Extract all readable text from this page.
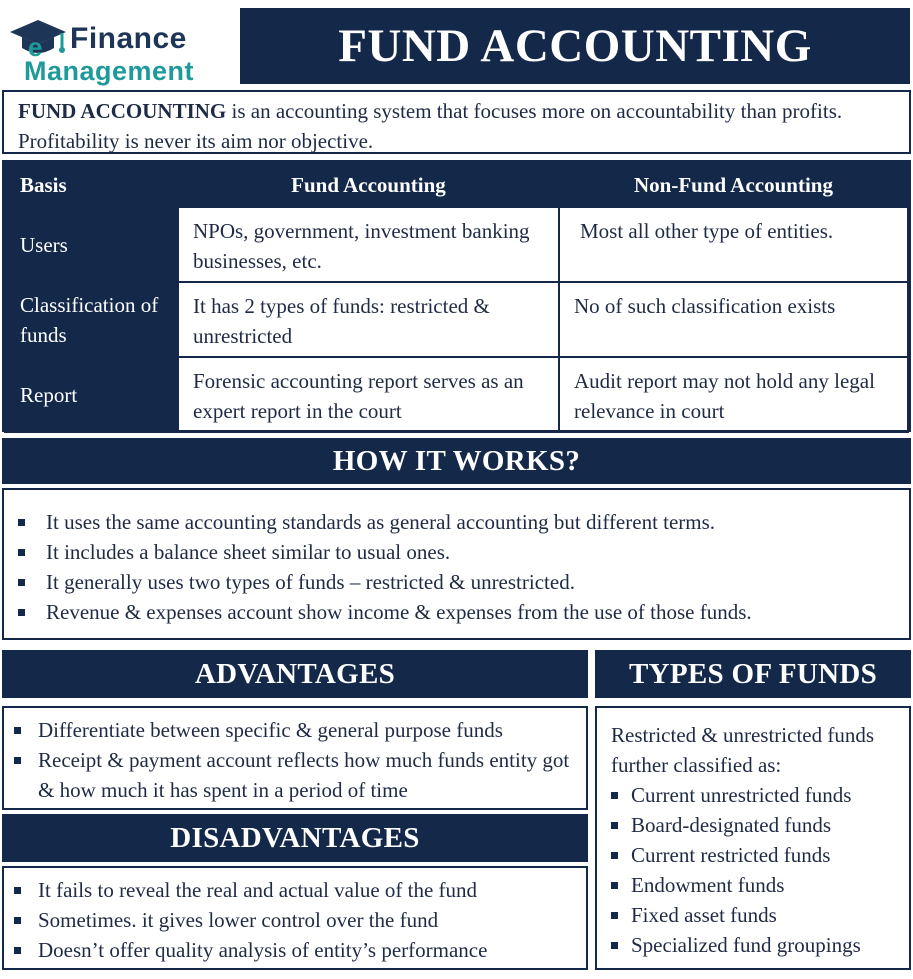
e Finance
Management	FUND ACCOUNTING
FUND ACCOUNTING is an accounting system that focuses more on accountability than profits. Profitability is never its aim nor objective.
Basis	Fund Accounting	Non-Fund Accounting
Users	NPOs, government, investment banking businesses, etc.	Most all other type of entities.
Classification of funds	It has 2 types of funds: restricted & unrestricted	No of such classification exists
Report	Forensic accounting report serves as an expert report in the court	Audit report may not hold any legal relevance in court
HOW IT WORKS?
It uses the same accounting standards as general accounting but different terms.
It includes a balance sheet similar to usual ones.
It generally uses two types of funds – restricted & unrestricted.
Revenue & expenses account show income & expenses from the use of those funds.
ADVANTAGES
Differentiate between specific & general purpose funds
Receipt & payment account reflects how much funds entity got & how much it has spent in a period of time
DISADVANTAGES
It fails to reveal the real and actual value of the fund
Sometimes. it gives lower control over the fund
Doesn’t offer quality analysis of entity’s performance
TYPES OF FUNDS
Restricted & unrestricted funds further classified as:
Current unrestricted funds
Board-designated funds
Current restricted funds
Endowment funds
Fixed asset funds
Specialized fund groupings
